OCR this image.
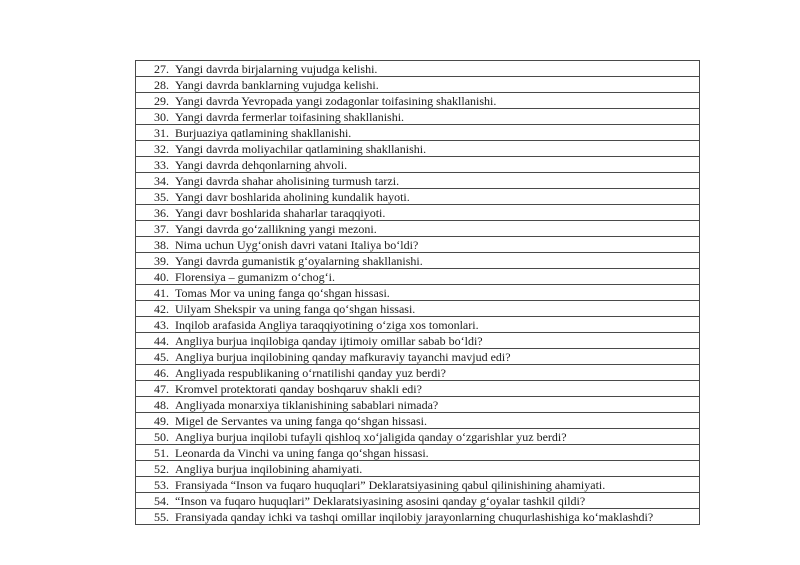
27. Yangi davrda birjalarning vujudga kelishi.

28. Yangi davrda banklarning vujudga kelishi.

29. Yangi davrda Yevropada yangi zodagonlar toifasining shakllanishi.

30. Yangi davrda fermerlar toifasining shakllanishi.

31. Burjuaziya qatlamining shakllanishi.

32. Yangi davrda moliyachilar qatlamining shakllanishi.

33. Yangi davrda dehqonlarning ahvoli.

34. Yangi davrda shahar aholisining turmush tarzi.

35. Yangi davr boshlarida aholining kundalik hayoti.

36. Yangi davr boshlarida shaharlar taraqqiyoti.

37. Yangi davrda go‘zallikning yangi mezoni.

38. Nima uchun Uyg‘onish davri vatani Italiya bo‘ldi?

39. Yangi davrda gumanistik g‘oyalarning shakllanishi.

40. Florensiya – gumanizm o‘chog‘i.

41. Tomas Mor va uning fanga qo‘shgan hissasi.

42. Uilyam Shekspir va uning fanga qo‘shgan hissasi.

43. Inqilob arafasida Angliya taraqqiyotining o‘ziga xos tomonlari.

44. Angliya burjua inqilobiga qanday ijtimoiy omillar sabab bo‘ldi?

45. Angliya burjua inqilobining qanday mafkuraviy tayanchi mavjud edi?

46. Angliyada respublikaning o‘rnatilishi qanday yuz berdi?

47. Kromvel protektorati qanday boshqaruv shakli edi?

48. Angliyada monarxiya tiklanishining sabablari nimada?

49. Migel de Servantes va uning fanga qo‘shgan hissasi.

50. Angliya burjua inqilobi tufayli qishloq xo‘jaligida qanday o‘zgarishlar yuz berdi?

51. Leonarda da Vinchi va uning fanga qo‘shgan hissasi.

52. Angliya burjua inqilobining ahamiyati.

53. Fransiyada “Inson va fuqaro huquqlari” Deklaratsiyasining qabul qilinishining ahamiyati.

54. “Inson va fuqaro huquqlari” Deklaratsiyasining asosini qanday g‘oyalar tashkil qildi?

55. Fransiyada qanday ichki va tashqi omillar inqilobiy jarayonlarning chuqurlashishiga ko‘maklashdi?
